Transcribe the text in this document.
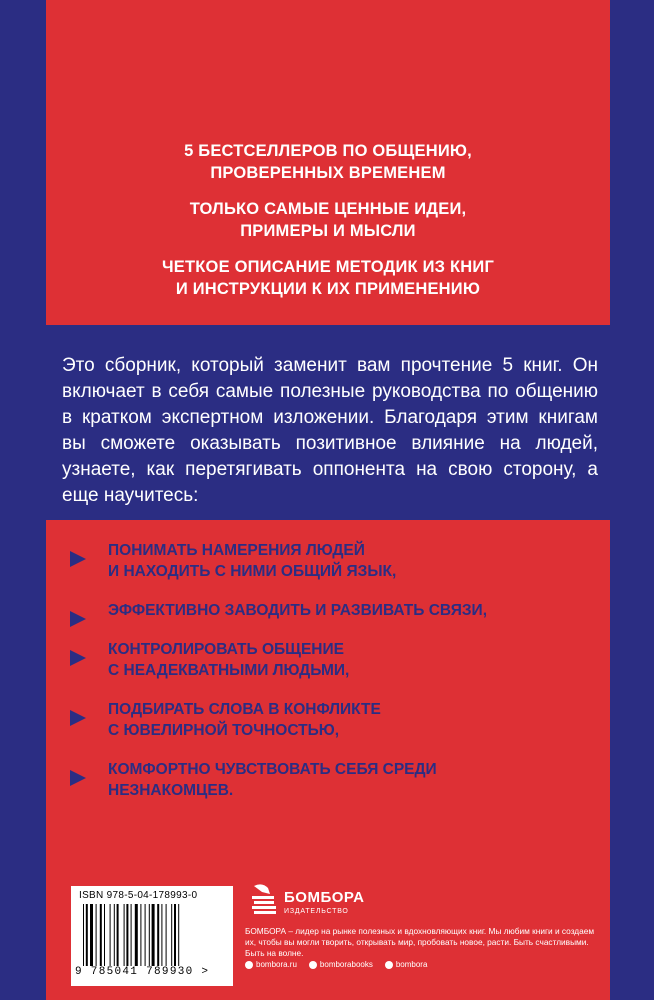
5 БЕСТСЕЛЛЕРОВ ПО ОБЩЕНИЮ,
ПРОВЕРЕННЫХ ВРЕМЕНЕМ

ТОЛЬКО САМЫЕ ЦЕННЫЕ ИДЕИ,
ПРИМЕРЫ И МЫСЛИ

ЧЕТКОЕ ОПИСАНИЕ МЕТОДИК ИЗ КНИГ
И ИНСТРУКЦИИ К ИХ ПРИМЕНЕНИЮ

Это сборник, который заменит вам прочтение 5 книг. Он включает в себя самые полезные руководства по общению в кратком экспертном изложении. Благодаря этим книгам вы сможете оказывать позитивное влияние на людей, узнаете, как перетягивать оппонента на свою сторону, а еще научитесь:
ПОНИМАТЬ НАМЕРЕНИЯ ЛЮДЕЙ
И НАХОДИТЬ С НИМИ ОБЩИЙ ЯЗЫК,
ЭФФЕКТИВНО ЗАВОДИТЬ И РАЗВИВАТЬ СВЯЗИ,
КОНТРОЛИРОВАТЬ ОБЩЕНИЕ
С НЕАДЕКВАТНЫМИ ЛЮДЬМИ,
ПОДБИРАТЬ СЛОВА В КОНФЛИКТЕ
С ЮВЕЛИРНОЙ ТОЧНОСТЬЮ,
КОМФОРТНО ЧУВСТВОВАТЬ СЕБЯ СРЕДИ
НЕЗНАКОМЦЕВ.
ISBN 978-5-04-178993-0
9 785041 789930 >
БОМБОРА
ИЗДАТЕЛЬСТВО
БОМБОРА – лидер на рынке полезных и вдохновляющих книг. Мы любим книги и создаем их, чтобы вы могли творить, открывать мир, пробовать новое, расти. Быть счастливыми. Быть на волне.
bombora.ru	bomborabooks	bombora
